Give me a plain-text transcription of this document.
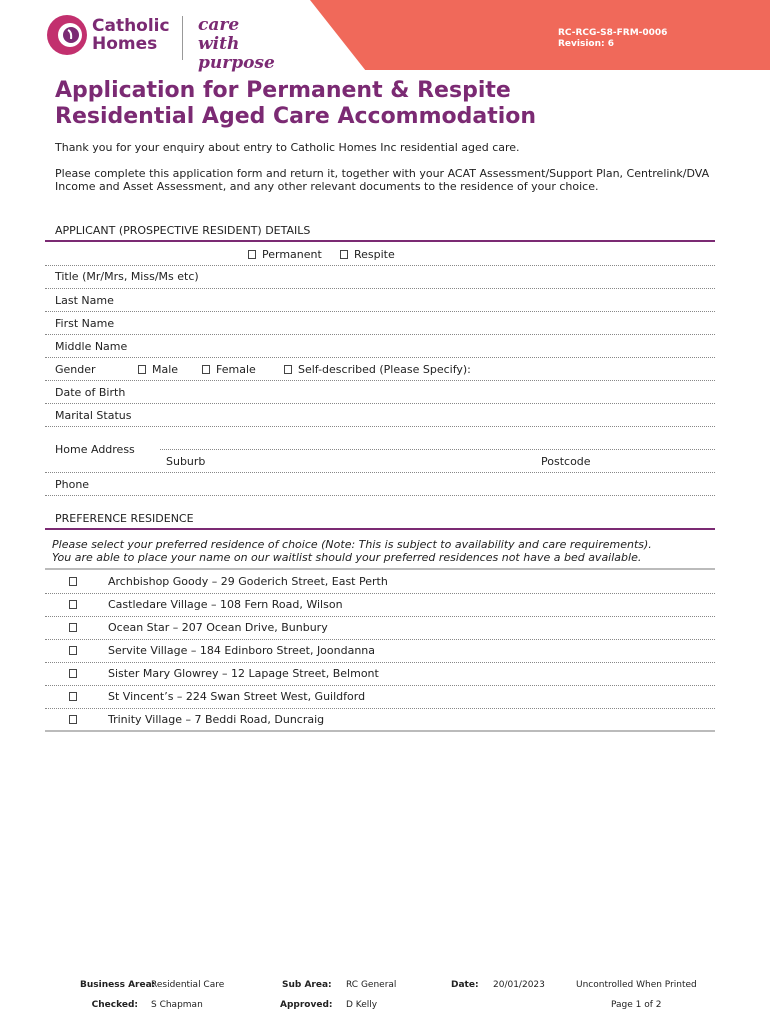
RC-RCG-S8-FRM-0006
Revision: 6
Catholic
Homes
care with
purpose
Application for Permanent & Respite
Residential Aged Care Accommodation
Thank you for your enquiry about entry to Catholic Homes Inc residential aged care.
Please complete this application form and return it, together with your ACAT Assessment/Support Plan, Centrelink/DVA Income and Asset Assessment, and any other relevant documents to the residence of your choice.
APPLICANT (PROSPECTIVE RESIDENT) DETAILS
Permanent	Respite
Title (Mr/Mrs, Miss/Ms etc)
Last Name
First Name
Middle Name
Gender	Male	Female	Self-described (Please Specify):
Date of Birth
Marital Status
Home Address
Suburb	Postcode
Phone
PREFERENCE RESIDENCE
Please select your preferred residence of choice (Note: This is subject to availability and care requirements).
You are able to place your name on our waitlist should your preferred residences not have a bed available.
Archbishop Goody – 29 Goderich Street, East Perth
Castledare Village – 108 Fern Road, Wilson
Ocean Star – 207 Ocean Drive, Bunbury
Servite Village – 184 Edinboro Street, Joondanna
Sister Mary Glowrey – 12 Lapage Street, Belmont
St Vincent’s – 224 Swan Street West, Guildford
Trinity Village – 7 Beddi Road, Duncraig
Business Area:
Residential Care	Sub Area: RC General	Date: 20/01/2023	Uncontrolled When Printed
Checked: S Chapman	Approved: D Kelly	Page 1 of 2
